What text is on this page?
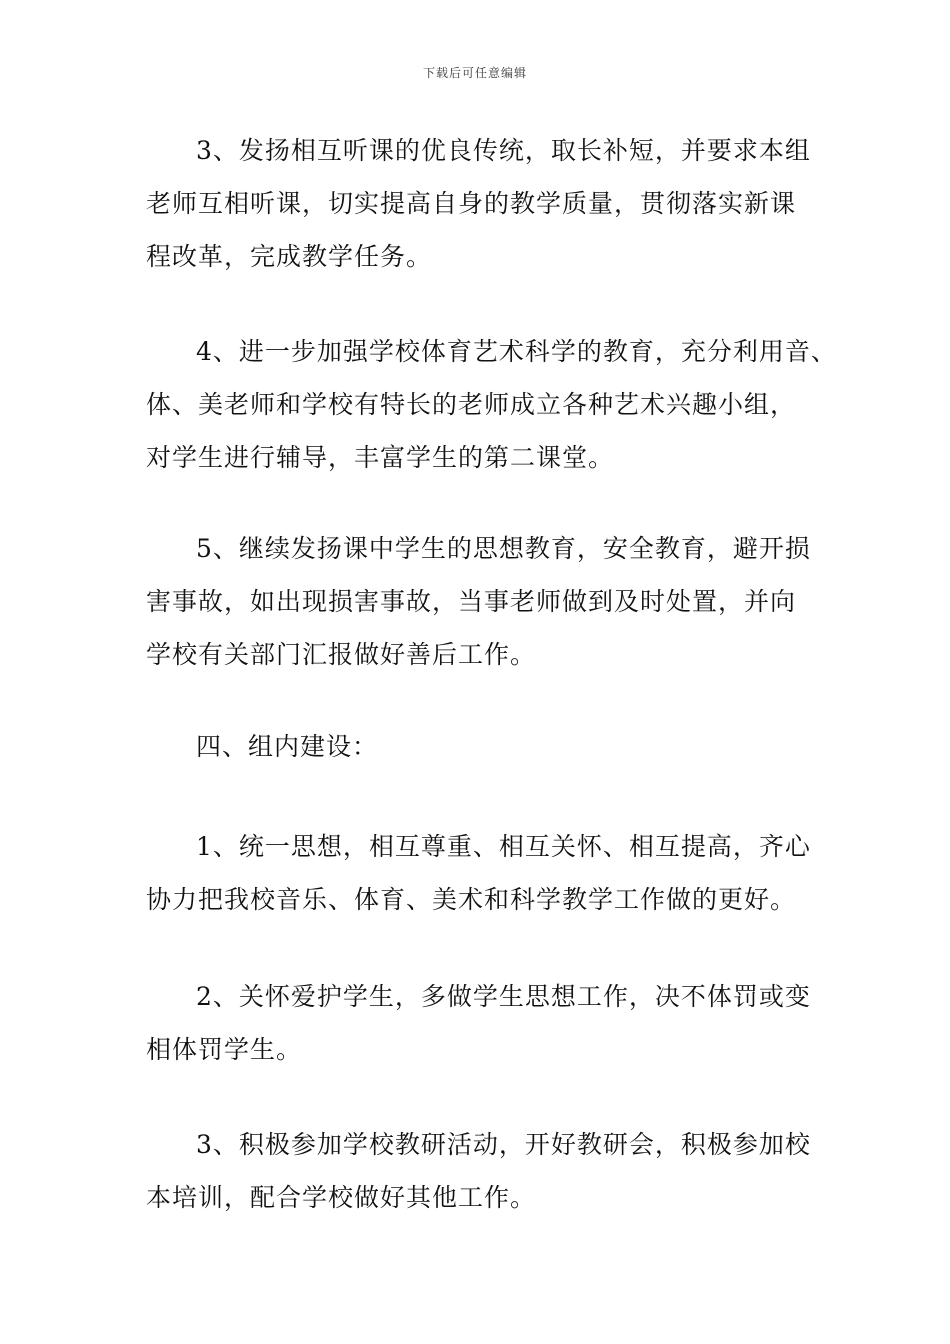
下载后可任意编辑
3、发扬相互听课的优良传统，取长补短，并要求本组
老师互相听课，切实提高自身的教学质量，贯彻落实新课
程改革，完成教学任务。
4、进一步加强学校体育艺术科学的教育，充分利用音、
体、美老师和学校有特长的老师成立各种艺术兴趣小组，
对学生进行辅导，丰富学生的第二课堂。
5、继续发扬课中学生的思想教育，安全教育，避开损
害事故，如出现损害事故，当事老师做到及时处置，并向
学校有关部门汇报做好善后工作。
四、组内建设：
1、统一思想，相互尊重、相互关怀、相互提高，齐心
协力把我校音乐、体育、美术和科学教学工作做的更好。
2、关怀爱护学生，多做学生思想工作，决不体罚或变
相体罚学生。
3、积极参加学校教研活动，开好教研会，积极参加校
本培训，配合学校做好其他工作。
